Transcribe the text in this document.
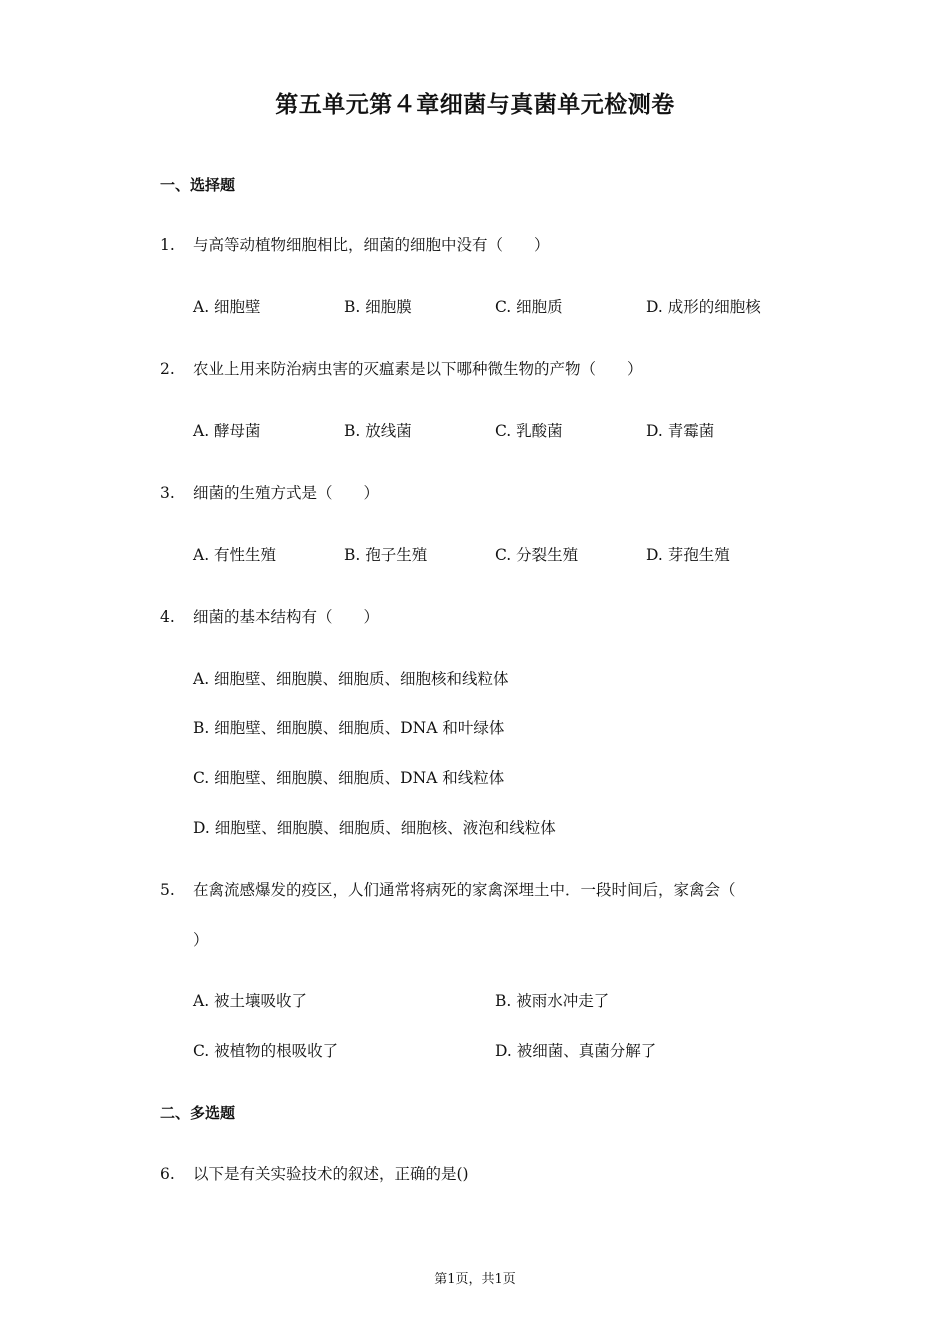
第五单元第４章细菌与真菌单元检测卷
一、选择题
1. 与高等动植物细胞相比，细菌的细胞中没有（　　）
A. 细胞壁	B. 细胞膜	C. 细胞质	D. 成形的细胞核
2. 农业上用来防治病虫害的灭瘟素是以下哪种微生物的产物（　　）
A. 酵母菌	B. 放线菌	C. 乳酸菌	D. 青霉菌
3. 细菌的生殖方式是（　　）
A. 有性生殖	B. 孢子生殖	C. 分裂生殖	D. 芽孢生殖
4. 细菌的基本结构有（　　）
A. 细胞壁、细胞膜、细胞质、细胞核和线粒体
B. 细胞壁、细胞膜、细胞质、DNA 和叶绿体
C. 细胞壁、细胞膜、细胞质、DNA 和线粒体
D. 细胞壁、细胞膜、细胞质、细胞核、液泡和线粒体
5. 在禽流感爆发的疫区，人们通常将病死的家禽深埋土中．一段时间后，家禽会（
）
A. 被土壤吸收了	B. 被雨水冲走了
C. 被植物的根吸收了	D. 被细菌、真菌分解了
二、多选题
6. 以下是有关实验技术的叙述，正确的是()
第1页，共1页
